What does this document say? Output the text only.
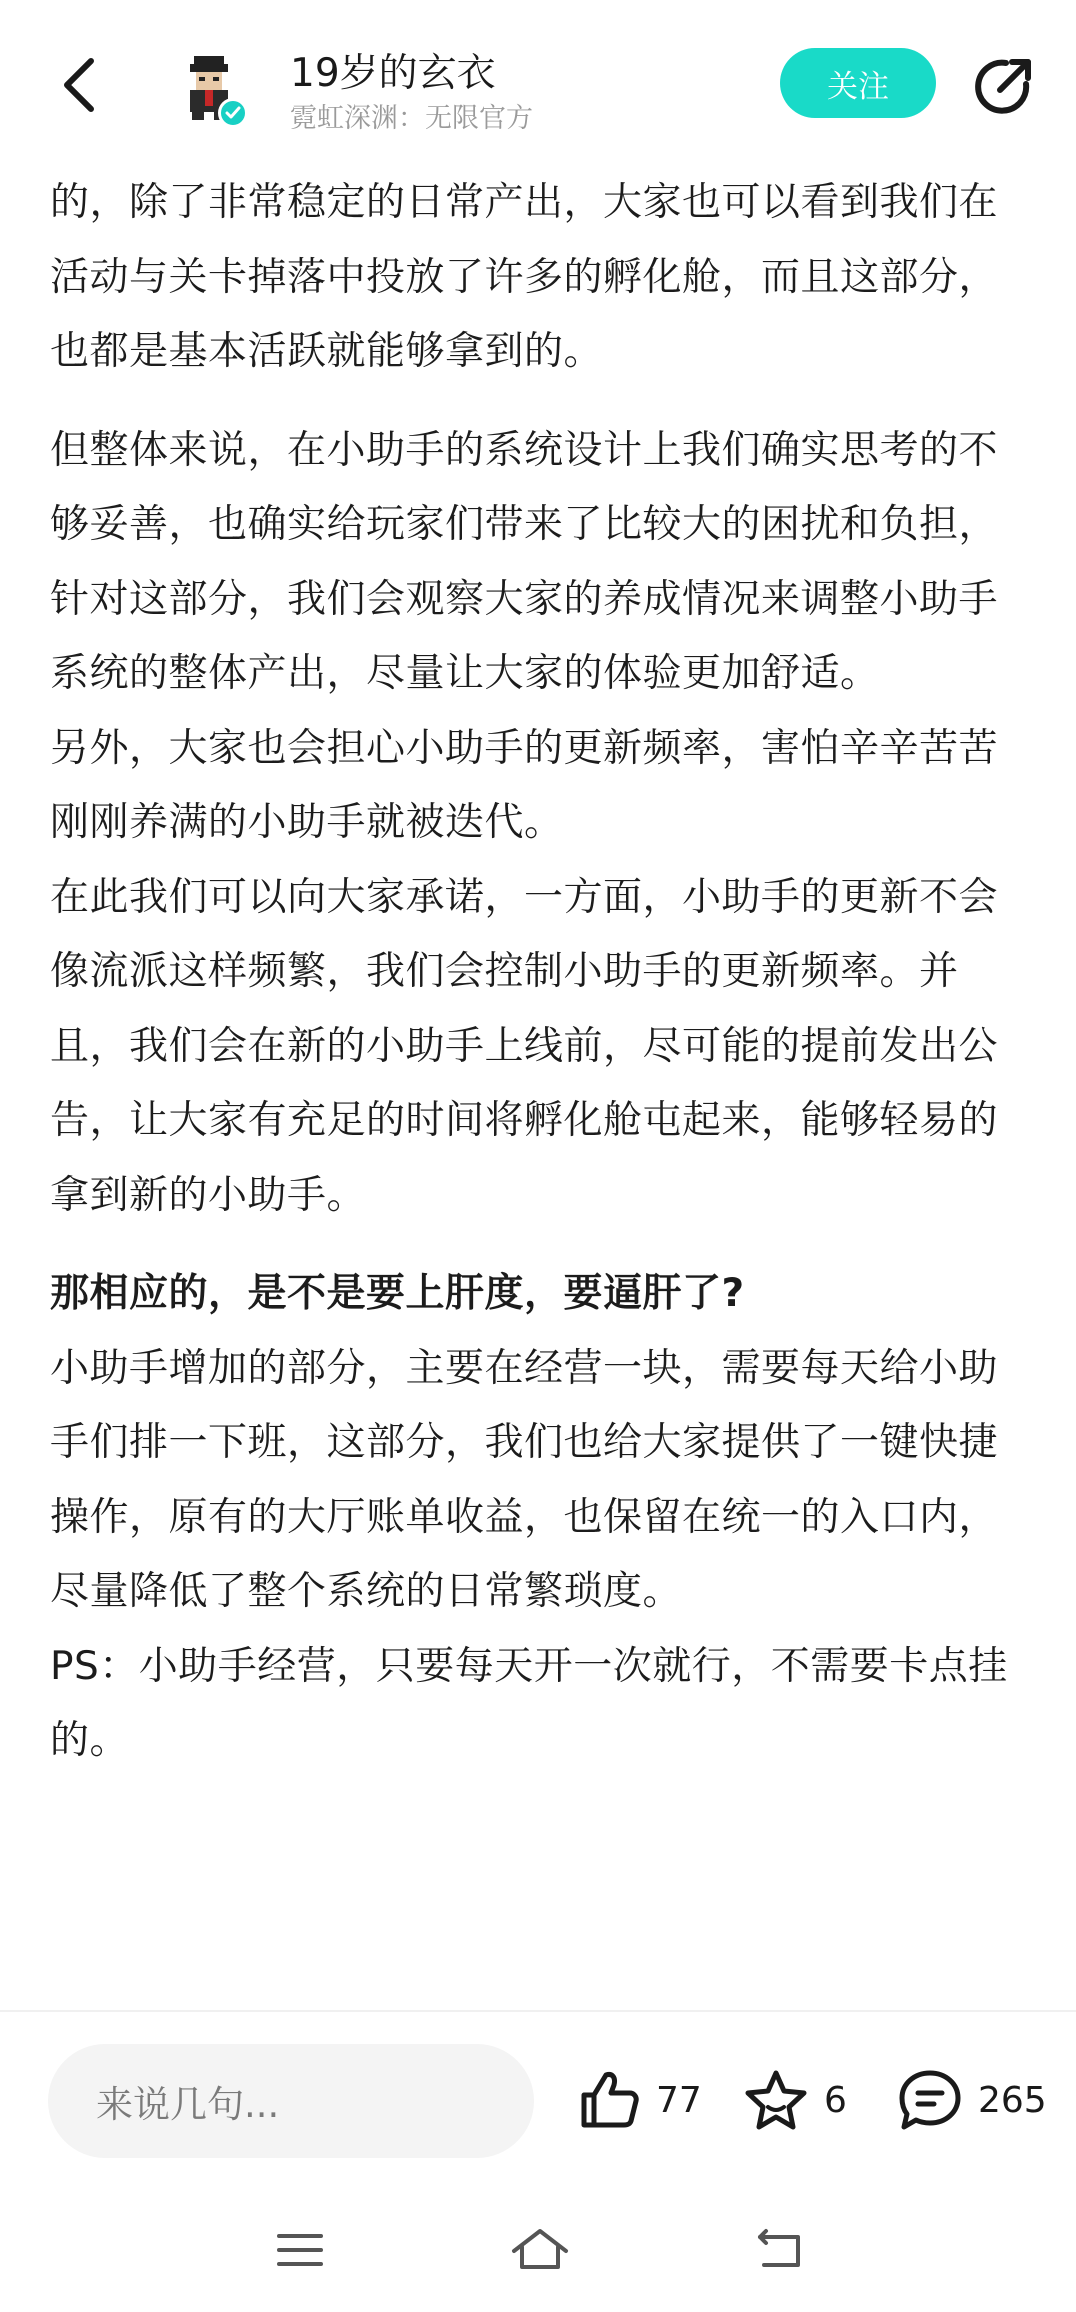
19岁的玄衣
霓虹深渊：无限官方
关注

的，除了非常稳定的日常产出，大家也可以看到我们在活动与关卡掉落中投放了许多的孵化舱，而且这部分，也都是基本活跃就能够拿到的。

但整体来说，在小助手的系统设计上我们确实思考的不够妥善，也确实给玩家们带来了比较大的困扰和负担，针对这部分，我们会观察大家的养成情况来调整小助手系统的整体产出，尽量让大家的体验更加舒适。

另外，大家也会担心小助手的更新频率，害怕辛辛苦苦刚刚养满的小助手就被迭代。

在此我们可以向大家承诺，一方面，小助手的更新不会像流派这样频繁，我们会控制小助手的更新频率。并且，我们会在新的小助手上线前，尽可能的提前发出公告，让大家有充足的时间将孵化舱屯起来，能够轻易的拿到新的小助手。

那相应的，是不是要上肝度，要逼肝了?

小助手增加的部分，主要在经营一块，需要每天给小助手们排一下班，这部分，我们也给大家提供了一键快捷操作，原有的大厅账单收益，也保留在统一的入口内，尽量降低了整个系统的日常繁琐度。

PS：小助手经营，只要每天开一次就行，不需要卡点挂的。

来说几句...	77	6	265
